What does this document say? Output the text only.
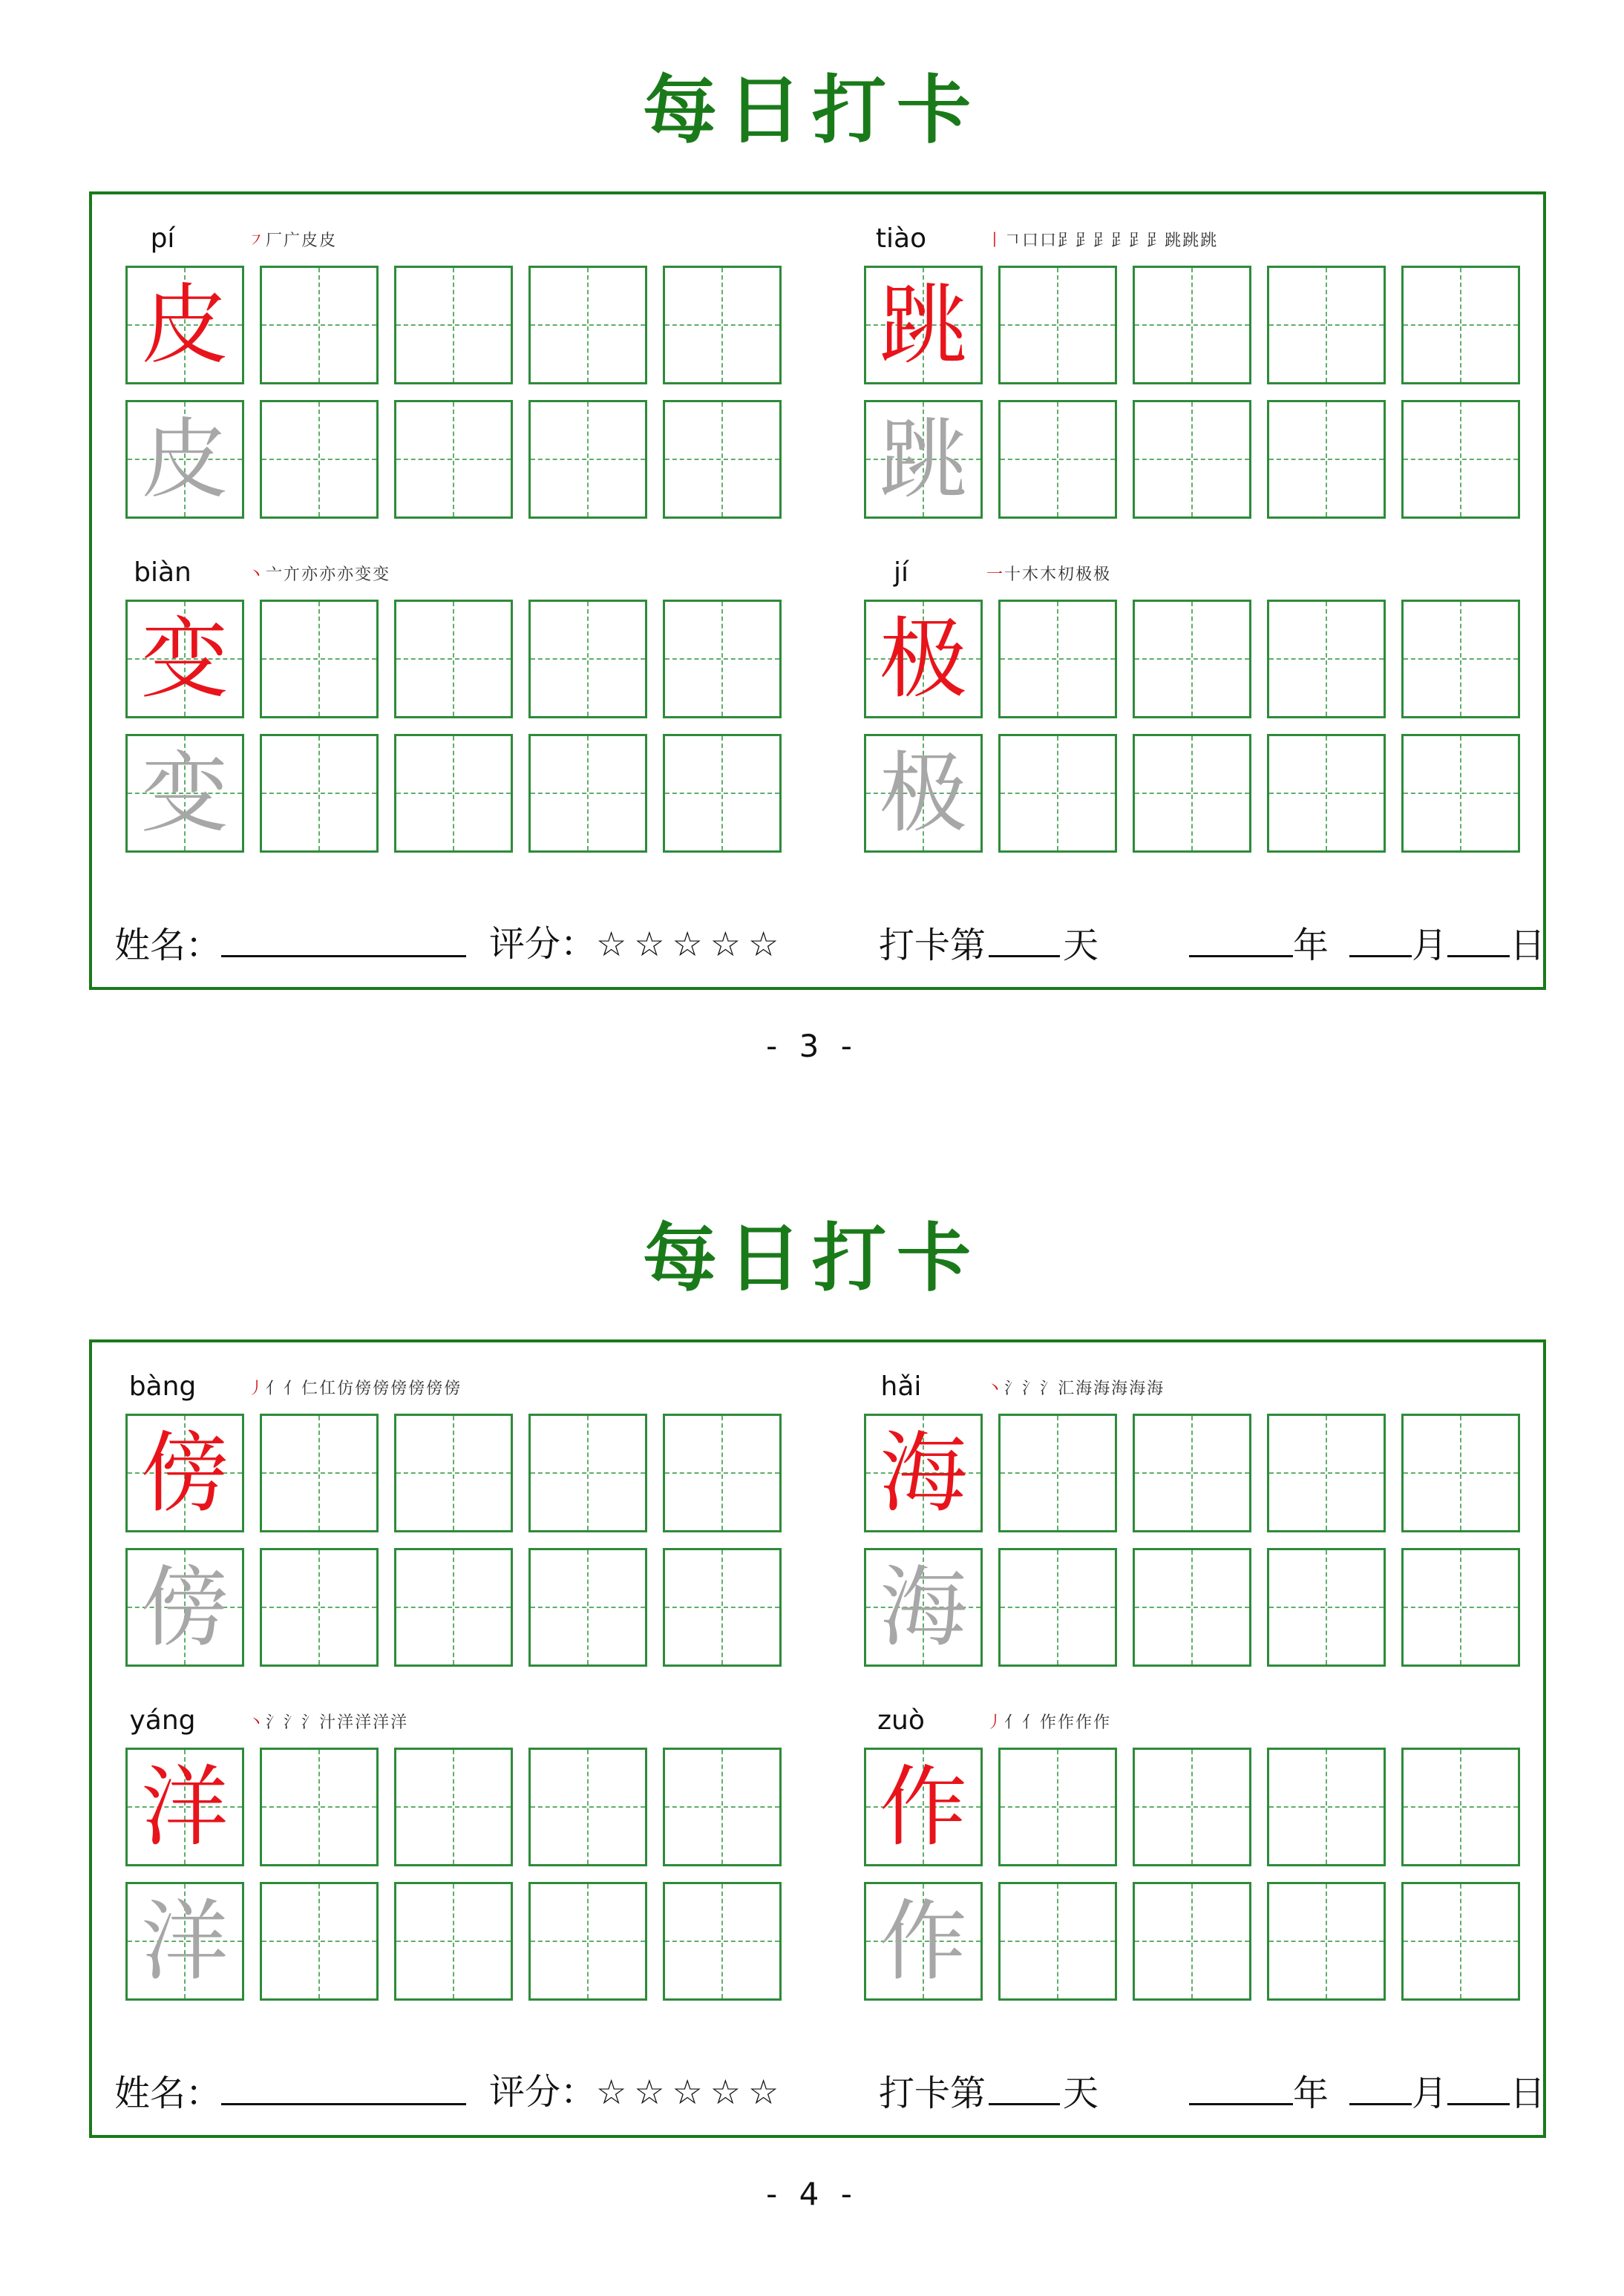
每日打卡
pí	㇇厂广皮皮
皮
皮
tiào	丨𠃍口口𧾷𧾷𧾷𧾷𧾷𧾷跳跳跳
跳
跳
biàn	丶亠亣亦亦亦变变
变
变
jí	一十木木朷极极
极
极
姓名：	评分：☆☆☆☆☆	打卡第 天	年 月 日
- 3 -
每日打卡
bàng	丿亻亻仁仜仿傍傍傍傍傍傍
傍
傍
hǎi	丶氵氵氵汇海海海海海
海
海
yáng	丶氵氵氵汁洋洋洋洋
洋
洋
zuò	丿亻亻作作作作
作
作
姓名：	评分：☆☆☆☆☆	打卡第 天	年 月 日
- 4 -
